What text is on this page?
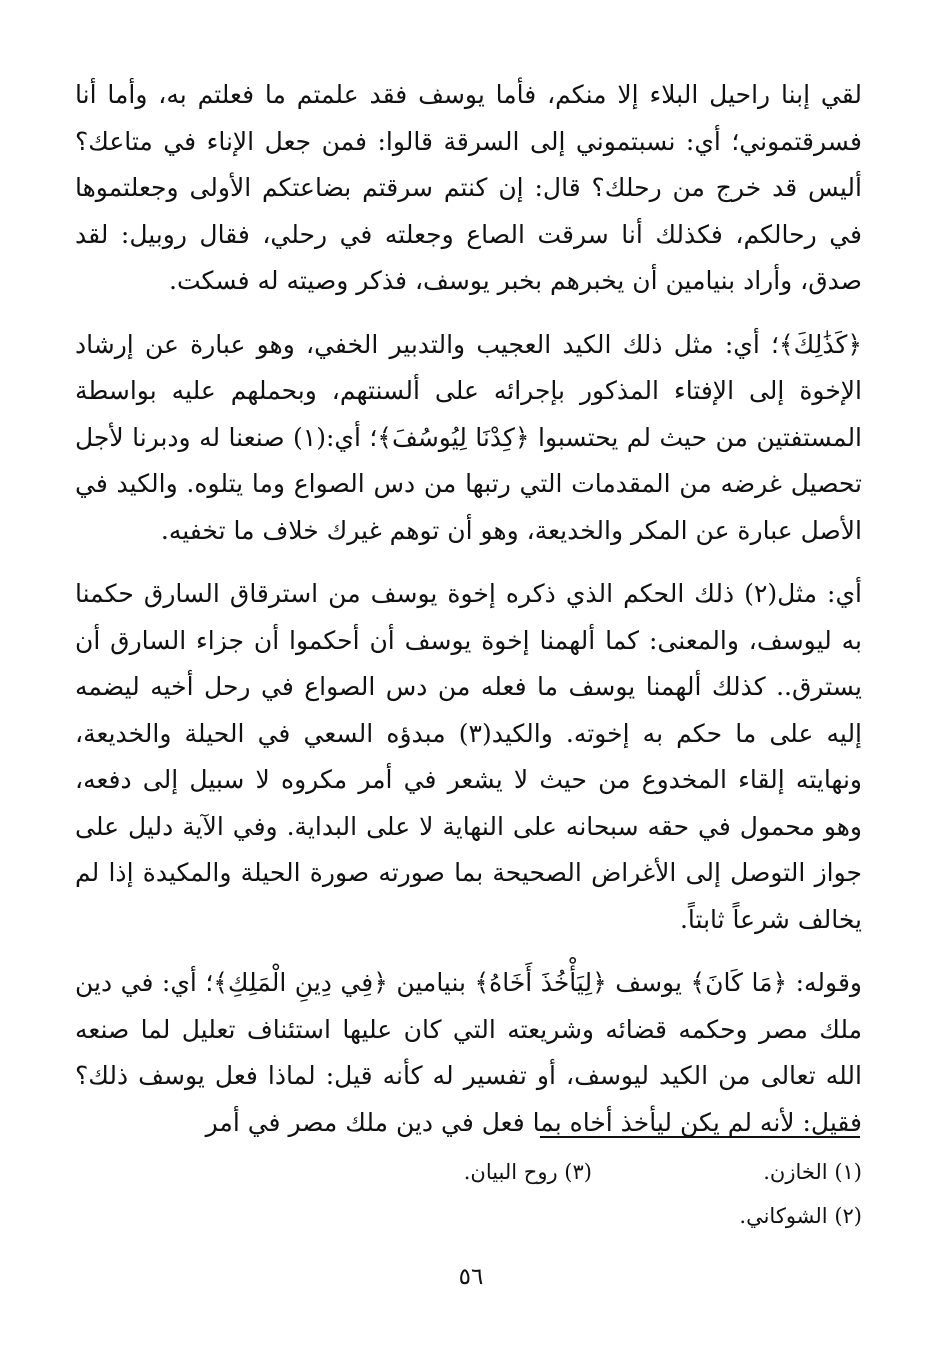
لقي إبنا راحيل البلاء إلا منكم، فأما يوسف فقد علمتم ما فعلتم به، وأما أنا فسرقتموني؛ أي: نسبتموني إلى السرقة قالوا: فمن جعل الإناء في متاعك؟ أليس قد خرج من رحلك؟ قال: إن كنتم سرقتم بضاعتكم الأولى وجعلتموها في رحالكم، فكذلك أنا سرقت الصاع وجعلته في رحلي، فقال روبيل: لقد صدق، وأراد بنيامين أن يخبرهم بخبر يوسف، فذكر وصيته له فسكت.

﴿كَذَٰلِكَ﴾؛ أي: مثل ذلك الكيد العجيب والتدبير الخفي، وهو عبارة عن إرشاد الإخوة إلى الإفتاء المذكور بإجرائه على ألسنتهم، وبحملهم عليه بواسطة المستفتين من حيث لم يحتسبوا ﴿كِدْنَا لِيُوسُفَ﴾؛ أي:(١) صنعنا له ودبرنا لأجل تحصيل غرضه من المقدمات التي رتبها من دس الصواع وما يتلوه. والكيد في الأصل عبارة عن المكر والخديعة، وهو أن توهم غيرك خلاف ما تخفيه.

أي: مثل(٢) ذلك الحكم الذي ذكره إخوة يوسف من استرقاق السارق حكمنا به ليوسف، والمعنى: كما ألهمنا إخوة يوسف أن أحكموا أن جزاء السارق أن يسترق.. كذلك ألهمنا يوسف ما فعله من دس الصواع في رحل أخيه ليضمه إليه على ما حكم به إخوته. والكيد(٣) مبدؤه السعي في الحيلة والخديعة، ونهايته إلقاء المخدوع من حيث لا يشعر في أمر مكروه لا سبيل إلى دفعه، وهو محمول في حقه سبحانه على النهاية لا على البداية. وفي الآية دليل على جواز التوصل إلى الأغراض الصحيحة بما صورته صورة الحيلة والمكيدة إذا لم يخالف شرعاً ثابتاً.

وقوله: ﴿مَا كَانَ﴾ يوسف ﴿لِيَأْخُذَ أَخَاهُ﴾ بنيامين ﴿فِي دِينِ الْمَلِكِ﴾؛ أي: في دين ملك مصر وحكمه قضائه وشريعته التي كان عليها استئناف تعليل لما صنعه الله تعالى من الكيد ليوسف، أو تفسير له كأنه قيل: لماذا فعل يوسف ذلك؟ فقيل: لأنه لم يكن ليأخذ أخاه بما فعل في دين ملك مصر في أمر

(١) الخازن.
(٣) روح البيان.
(٢) الشوكاني.
٥٦
